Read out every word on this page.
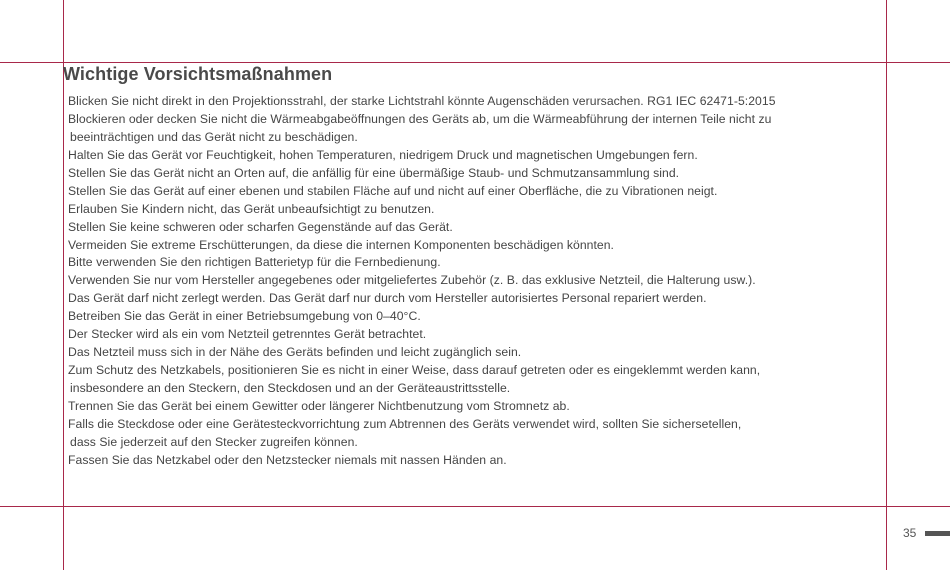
Wichtige Vorsichtsmaßnahmen
Blicken Sie nicht direkt in den Projektionsstrahl, der starke Lichtstrahl könnte Augenschäden verursachen. RG1 IEC 62471-5:2015
Blockieren oder decken Sie nicht die Wärmeabgabeöffnungen des Geräts ab, um die Wärmeabführung der internen Teile nicht zu
beeinträchtigen und das Gerät nicht zu beschädigen.
Halten Sie das Gerät vor Feuchtigkeit, hohen Temperaturen, niedrigem Druck und magnetischen Umgebungen fern.
Stellen Sie das Gerät nicht an Orten auf, die anfällig für eine übermäßige Staub- und Schmutzansammlung sind.
Stellen Sie das Gerät auf einer ebenen und stabilen Fläche auf und nicht auf einer Oberfläche, die zu Vibrationen neigt.
Erlauben Sie Kindern nicht, das Gerät unbeaufsichtigt zu benutzen.
Stellen Sie keine schweren oder scharfen Gegenstände auf das Gerät.
Vermeiden Sie extreme Erschütterungen, da diese die internen Komponenten beschädigen könnten.
Bitte verwenden Sie den richtigen Batterietyp für die Fernbedienung.
Verwenden Sie nur vom Hersteller angegebenes oder mitgeliefertes Zubehör (z. B. das exklusive Netzteil, die Halterung usw.).
Das Gerät darf nicht zerlegt werden. Das Gerät darf nur durch vom Hersteller autorisiertes Personal repariert werden.
Betreiben Sie das Gerät in einer Betriebsumgebung von 0–40°C.
Der Stecker wird als ein vom Netzteil getrenntes Gerät betrachtet.
Das Netzteil muss sich in der Nähe des Geräts befinden und leicht zugänglich sein.
Zum Schutz des Netzkabels, positionieren Sie es nicht in einer Weise, dass darauf getreten oder es eingeklemmt werden kann,
insbesondere an den Steckern, den Steckdosen und an der Geräteaustrittsstelle.
Trennen Sie das Gerät bei einem Gewitter oder längerer Nichtbenutzung vom Stromnetz ab.
Falls die Steckdose oder eine Gerätesteckvorrichtung zum Abtrennen des Geräts verwendet wird, sollten Sie sichersetellen,
dass Sie jederzeit auf den Stecker zugreifen können.
Fassen Sie das Netzkabel oder den Netzstecker niemals mit nassen Händen an.
35
